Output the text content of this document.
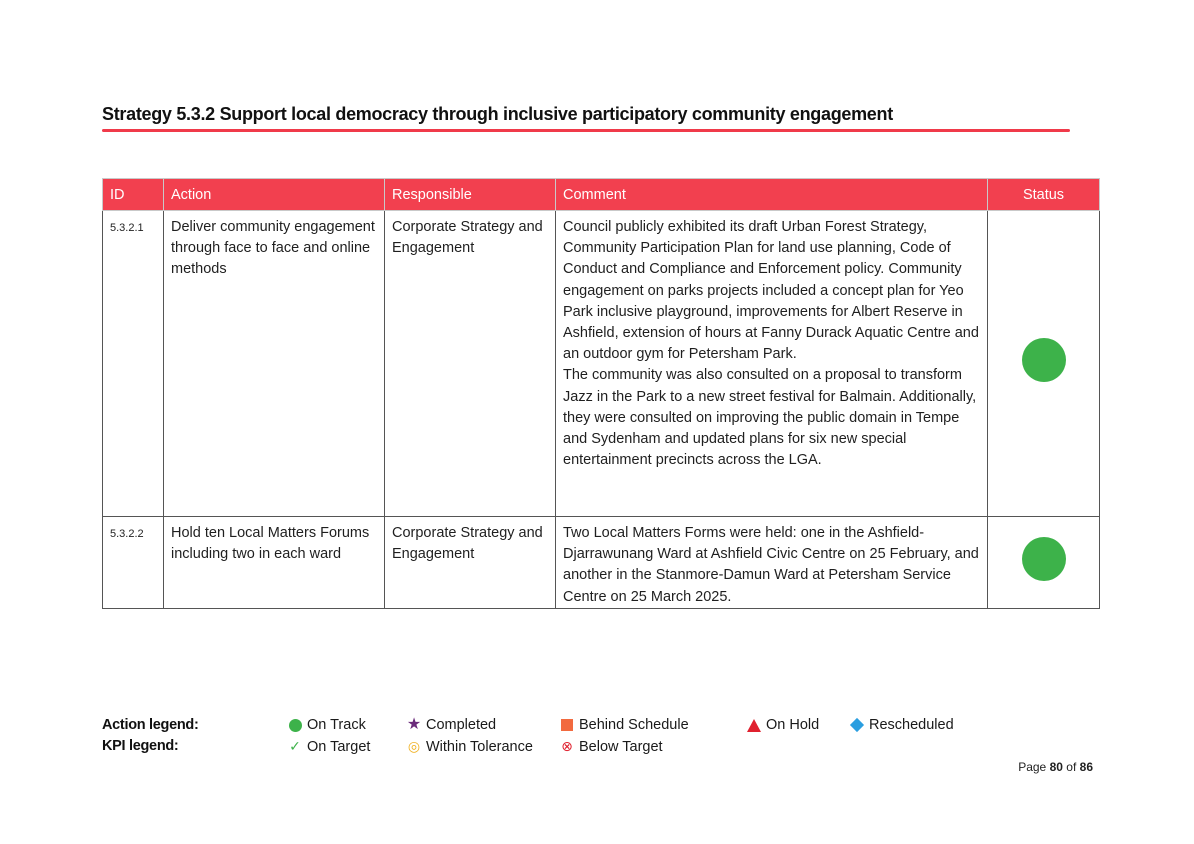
Strategy 5.3.2 Support local democracy through inclusive participatory community engagement
ID	Action	Responsible	Comment	Status
5.3.2.1	Deliver community engagement through face to face and online methods	Corporate Strategy and Engagement	Council publicly exhibited its draft Urban Forest Strategy, Community Participation Plan for land use planning, Code of Conduct and Compliance and Enforcement policy. Community engagement on parks projects included a concept plan for Yeo Park inclusive playground, improvements for Albert Reserve in Ashfield, extension of hours at Fanny Durack Aquatic Centre and an outdoor gym for Petersham Park.
The community was also consulted on a proposal to transform Jazz in the Park to a new street festival for Balmain. Additionally, they were consulted on improving the public domain in Tempe and Sydenham and updated plans for six new special entertainment precincts across the LGA.	

5.3.2.2	Hold ten Local Matters Forums including two in each ward	Corporate Strategy and Engagement	Two Local Matters Forms were held: one in the Ashfield-Djarrawunang Ward at Ashfield Civic Centre on 25 February, and another in the Stanmore-Damun Ward at Petersham Service Centre on 25 March 2025.	
Action legend:	On Track	★ Completed	Behind Schedule	On Hold	Rescheduled
KPI legend:	✓ On Target	◎ Within Tolerance ⊗ Below Target
Page 80 of 86
